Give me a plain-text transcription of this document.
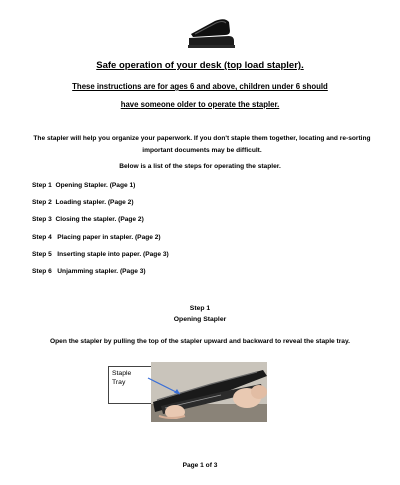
Safe operation of your desk (top load stapler).
These instructions are for ages 6 and above, children under 6 should
have someone older to operate the stapler.
The stapler will help you organize your paperwork. If you don't staple them together, locating and re-sorting important documents may be difficult.
Below is a list of the steps for operating the stapler.
Step 1 Opening Stapler. (Page 1)
Step 2 Loading stapler. (Page 2)
Step 3 Closing the stapler. (Page 2)
Step 4 Placing paper in stapler. (Page 2)
Step 5 Inserting staple into paper. (Page 3)
Step 6 Unjamming stapler. (Page 3)
Step 1
Opening Stapler
Open the stapler by pulling the top of the stapler upward and backward to reveal the staple tray.
Staple
Tray
Page 1 of 3
